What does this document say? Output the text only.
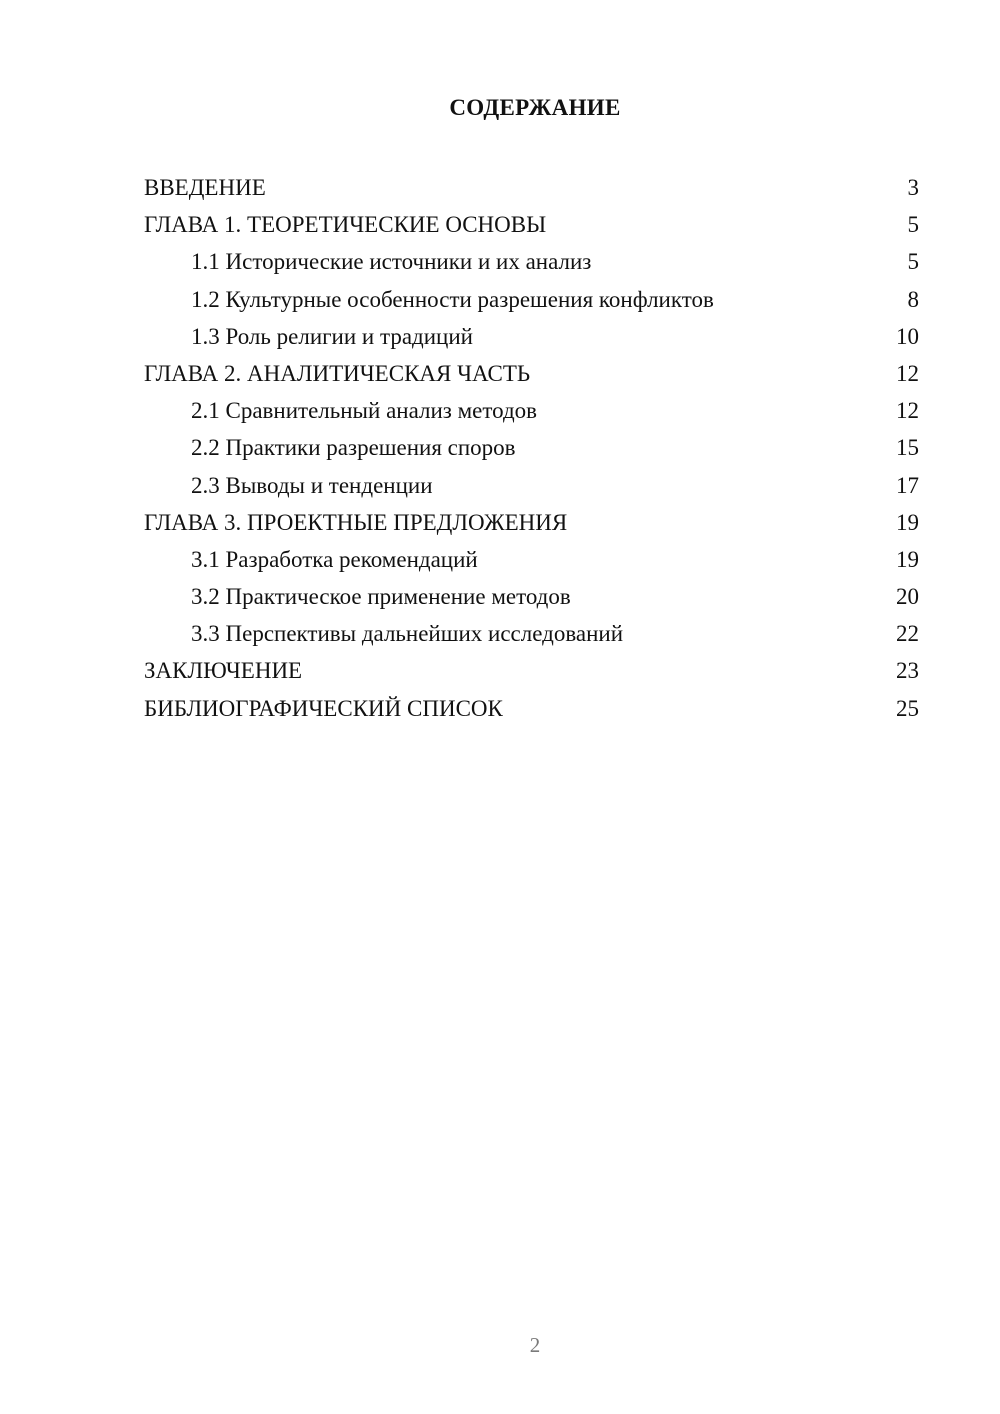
СОДЕРЖАНИЕ
ВВЕДЕНИЕ	3
ГЛАВА 1. ТЕОРЕТИЧЕСКИЕ ОСНОВЫ	5
1.1 Исторические источники и их анализ	5
1.2 Культурные особенности разрешения конфликтов	8
1.3 Роль религии и традиций	10
ГЛАВА 2. АНАЛИТИЧЕСКАЯ ЧАСТЬ	12
2.1 Сравнительный анализ методов	12
2.2 Практики разрешения споров	15
2.3 Выводы и тенденции	17
ГЛАВА 3. ПРОЕКТНЫЕ ПРЕДЛОЖЕНИЯ	19
3.1 Разработка рекомендаций	19
3.2 Практическое применение методов	20
3.3 Перспективы дальнейших исследований	22
ЗАКЛЮЧЕНИЕ	23
БИБЛИОГРАФИЧЕСКИЙ СПИСОК	25
2
